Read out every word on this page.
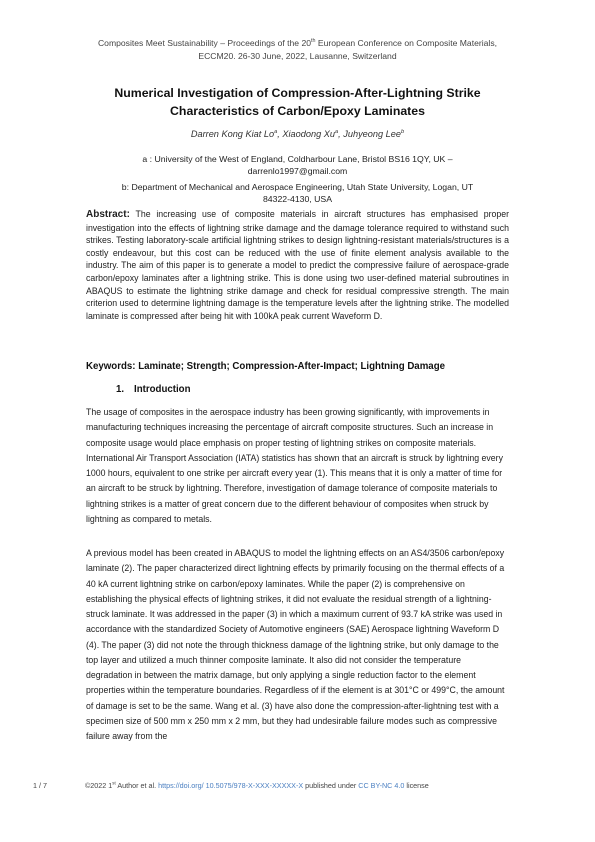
Composites Meet Sustainability – Proceedings of the 20th European Conference on Composite Materials,
ECCM20. 26-30 June, 2022, Lausanne, Switzerland
Numerical Investigation of Compression-After-Lightning Strike
Characteristics of Carbon/Epoxy Laminates
Darren Kong Kiat Lo$^a$, Xiaodong Xu$^a$, Juhyeong Lee$^b$
a : University of the West of England, Coldharbour Lane, Bristol BS16 1QY, UK –
darrenlo1997@gmail.com
b: Department of Mechanical and Aerospace Engineering, Utah State University, Logan, UT
84322-4130, USA
Abstract: The increasing use of composite materials in aircraft structures has emphasised proper investigation into the effects of lightning strike damage and the damage tolerance required to withstand such strikes. Testing laboratory-scale artificial lightning strikes to design lightning-resistant materials/structures is a costly endeavour, but this cost can be reduced with the use of finite element analysis available to the industry. The aim of this paper is to generate a model to predict the compressive failure of aerospace-grade carbon/epoxy laminates after a lightning strike. This is done using two user-defined material subroutines in ABAQUS to estimate the lightning strike damage and check for residual compressive strength. The main criterion used to determine lightning damage is the temperature levels after the lightning strike. The modelled laminate is compressed after being hit with 100kA peak current Waveform D.
Keywords: Laminate; Strength; Compression-After-Impact; Lightning Damage
1. Introduction
The usage of composites in the aerospace industry has been growing significantly, with improvements in manufacturing techniques increasing the percentage of aircraft composite structures. Such an increase in composite usage would place emphasis on proper testing of lightning strikes on composite materials. International Air Transport Association (IATA) statistics has shown that an aircraft is struck by lightning every 1000 hours, equivalent to one strike per aircraft every year (1). This means that it is only a matter of time for an aircraft to be struck by lightning. Therefore, investigation of damage tolerance of composite materials to lightning strikes is a matter of great concern due to the different behaviour of composites when struck by lightning as compared to metals.
A previous model has been created in ABAQUS to model the lightning effects on an AS4/3506 carbon/epoxy laminate (2). The paper characterized direct lightning effects by primarily focusing on the thermal effects of a 40 kA current lightning strike on carbon/epoxy laminates. While the paper (2) is comprehensive on establishing the physical effects of lightning strikes, it did not evaluate the residual strength of a lightning-struck laminate. It was addressed in the paper (3) in which a maximum current of 93.7 kA strike was used in accordance with the standardized Society of Automotive engineers (SAE) Aerospace lightning Waveform D (4). The paper (3) did not note the through thickness damage of the lightning strike, but only damage to the top layer and utilized a much thinner composite laminate. It also did not consider the temperature degradation in between the matrix damage, but only applying a single reduction factor to the element properties within the temperature boundaries. Regardless of if the element is at 301°C or 499°C, the amount of damage is set to be the same. Wang et al. (3) have also done the compression-after-lightning test with a specimen size of 500 mm x 250 mm x 2 mm, but they had undesirable failure modes such as compressive failure away from the
1 / 7	©2022 1st Author et al. https://doi.org/ 10.5075/978-X-XXX-XXXXX-X published under CC BY-NC 4.0 license
